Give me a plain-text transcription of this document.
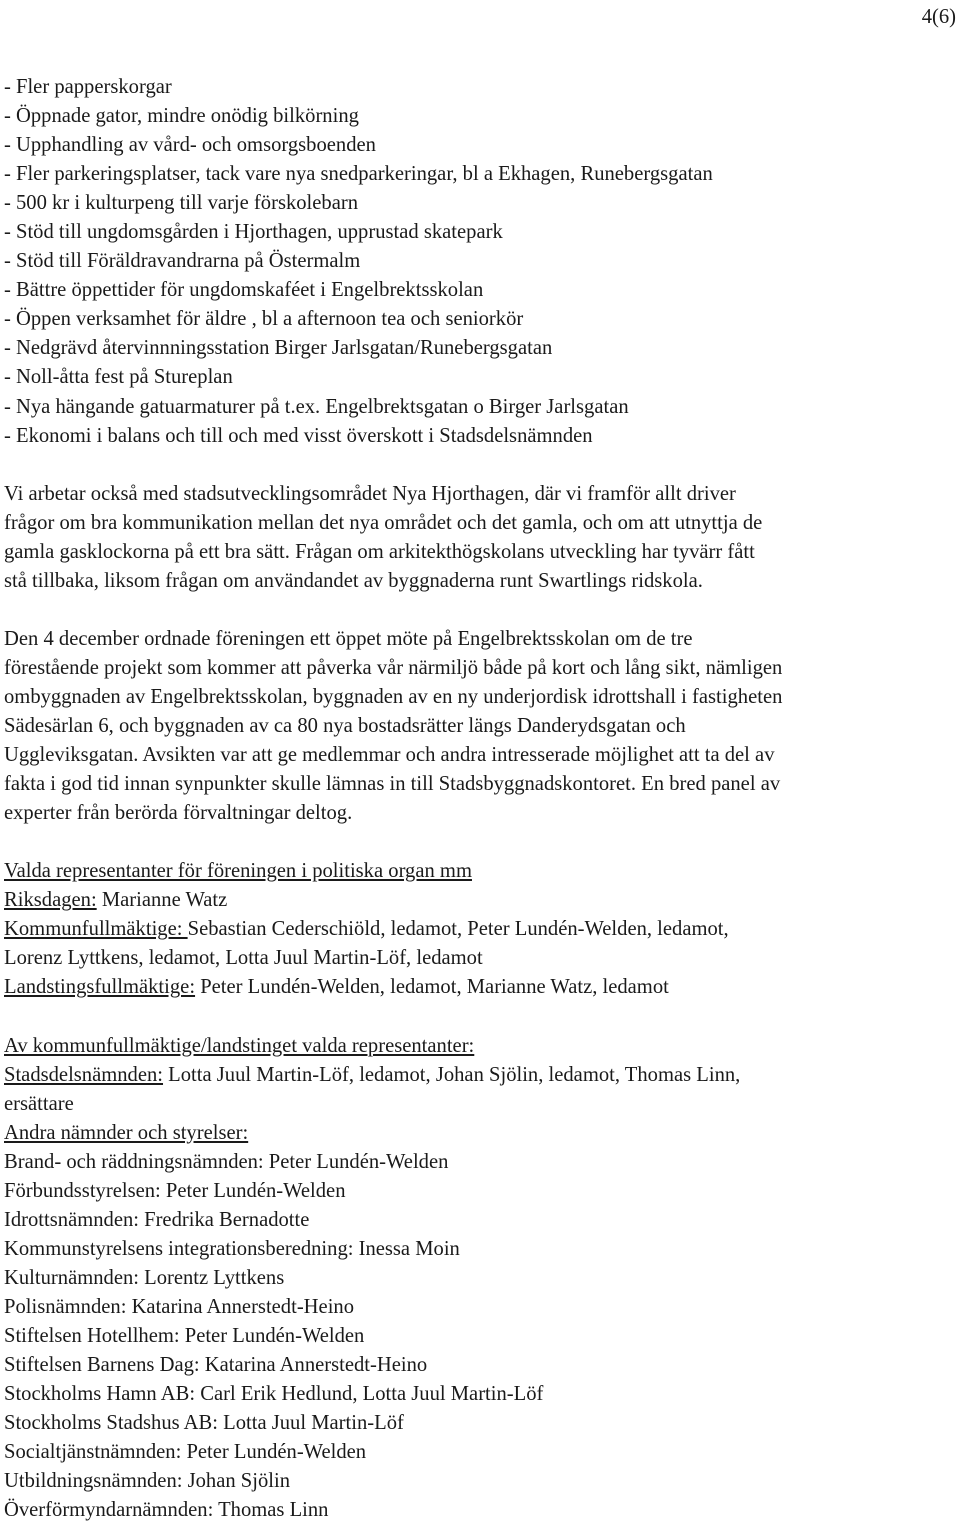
4(6)
- Fler papperskorgar
- Öppnade gator, mindre onödig bilkörning
- Upphandling av vård- och omsorgsboenden
- Fler parkeringsplatser, tack vare nya snedparkeringar, bl a Ekhagen, Runebergsgatan
- 500 kr i kulturpeng till varje förskolebarn
- Stöd till ungdomsgården i Hjorthagen, upprustad skatepark
- Stöd till Föräldravandrarna på Östermalm
- Bättre öppettider för ungdomskaféet i Engelbrektsskolan
- Öppen verksamhet för äldre , bl a afternoon tea och seniorkör
- Nedgrävd återvinnningsstation Birger Jarlsgatan/Runebergsgatan
- Noll-åtta fest på Stureplan
- Nya hängande gatuarmaturer på t.ex. Engelbrektsgatan o Birger Jarlsgatan
- Ekonomi i balans och till och med visst överskott i Stadsdelsnämnden
Vi arbetar också med stadsutvecklingsområdet Nya Hjorthagen, där vi framför allt driver
frågor om bra kommunikation mellan det nya området och det gamla, och om att utnyttja de
gamla gasklockorna på ett bra sätt. Frågan om arkitekthögskolans utveckling har tyvärr fått
stå tillbaka, liksom frågan om användandet av byggnaderna runt Swartlings ridskola.
Den 4 december ordnade föreningen ett öppet möte på Engelbrektsskolan om de tre
förestående projekt som kommer att påverka vår närmiljö både på kort och lång sikt, nämligen
ombyggnaden av Engelbrektsskolan, byggnaden av en ny underjordisk idrottshall i fastigheten
Sädesärlan 6, och byggnaden av ca 80 nya bostadsrätter längs Danderydsgatan och
Uggleviksgatan. Avsikten var att ge medlemmar och andra intresserade möjlighet att ta del av
fakta i god tid innan synpunkter skulle lämnas in till Stadsbyggnadskontoret. En bred panel av
experter från berörda förvaltningar deltog.
Valda representanter för föreningen i politiska organ mm
Riksdagen: Marianne Watz
Kommunfullmäktige: Sebastian Cederschiöld, ledamot, Peter Lundén-Welden, ledamot,
Lorenz Lyttkens, ledamot, Lotta Juul Martin-Löf, ledamot
Landstingsfullmäktige: Peter Lundén-Welden, ledamot, Marianne Watz, ledamot
Av kommunfullmäktige/landstinget valda representanter:
Stadsdelsnämnden: Lotta Juul Martin-Löf, ledamot, Johan Sjölin, ledamot, Thomas Linn,
ersättare
Andra nämnder och styrelser:
Brand- och räddningsnämnden: Peter Lundén-Welden
Förbundsstyrelsen: Peter Lundén-Welden
Idrottsnämnden: Fredrika Bernadotte
Kommunstyrelsens integrationsberedning: Inessa Moin
Kulturnämnden: Lorentz Lyttkens
Polisnämnden: Katarina Annerstedt-Heino
Stiftelsen Hotellhem: Peter Lundén-Welden
Stiftelsen Barnens Dag: Katarina Annerstedt-Heino
Stockholms Hamn AB: Carl Erik Hedlund, Lotta Juul Martin-Löf
Stockholms Stadshus AB: Lotta Juul Martin-Löf
Socialtjänstnämnden: Peter Lundén-Welden
Utbildningsnämnden: Johan Sjölin
Överförmyndarnämnden: Thomas Linn
